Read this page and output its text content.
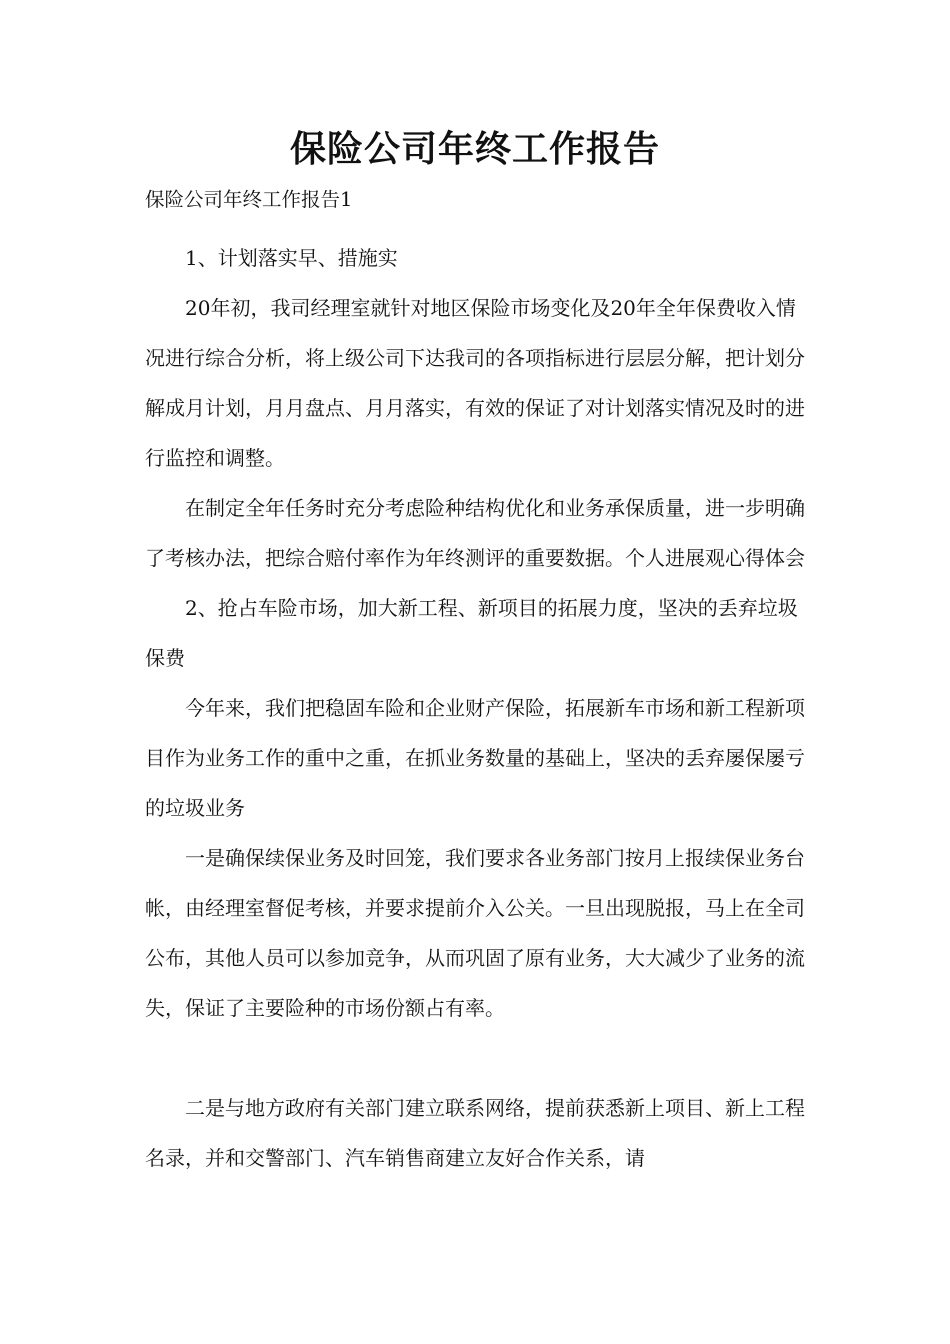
保险公司年终工作报告

保险公司年终工作报告1

1、计划落实早、措施实

20年初，我司经理室就针对地区保险市场变化及20年全年保费收入情况进行综合分析，将上级公司下达我司的各项指标进行层层分解，把计划分解成月计划，月月盘点、月月落实，有效的保证了对计划落实情况及时的进行监控和调整。

在制定全年任务时充分考虑险种结构优化和业务承保质量，进一步明确了考核办法，把综合赔付率作为年终测评的重要数据。个人进展观心得体会

2、抢占车险市场，加大新工程、新项目的拓展力度，坚决的丢弃垃圾保费

今年来，我们把稳固车险和企业财产保险，拓展新车市场和新工程新项目作为业务工作的重中之重，在抓业务数量的基础上，坚决的丢弃屡保屡亏的垃圾业务

一是确保续保业务及时回笼，我们要求各业务部门按月上报续保业务台帐，由经理室督促考核，并要求提前介入公关。一旦出现脱报，马上在全司公布，其他人员可以参加竞争，从而巩固了原有业务，大大减少了业务的流失，保证了主要险种的市场份额占有率。

二是与地方政府有关部门建立联系网络，提前获悉新上项目、新上工程名录，并和交警部门、汽车销售商建立友好合作关系，请
